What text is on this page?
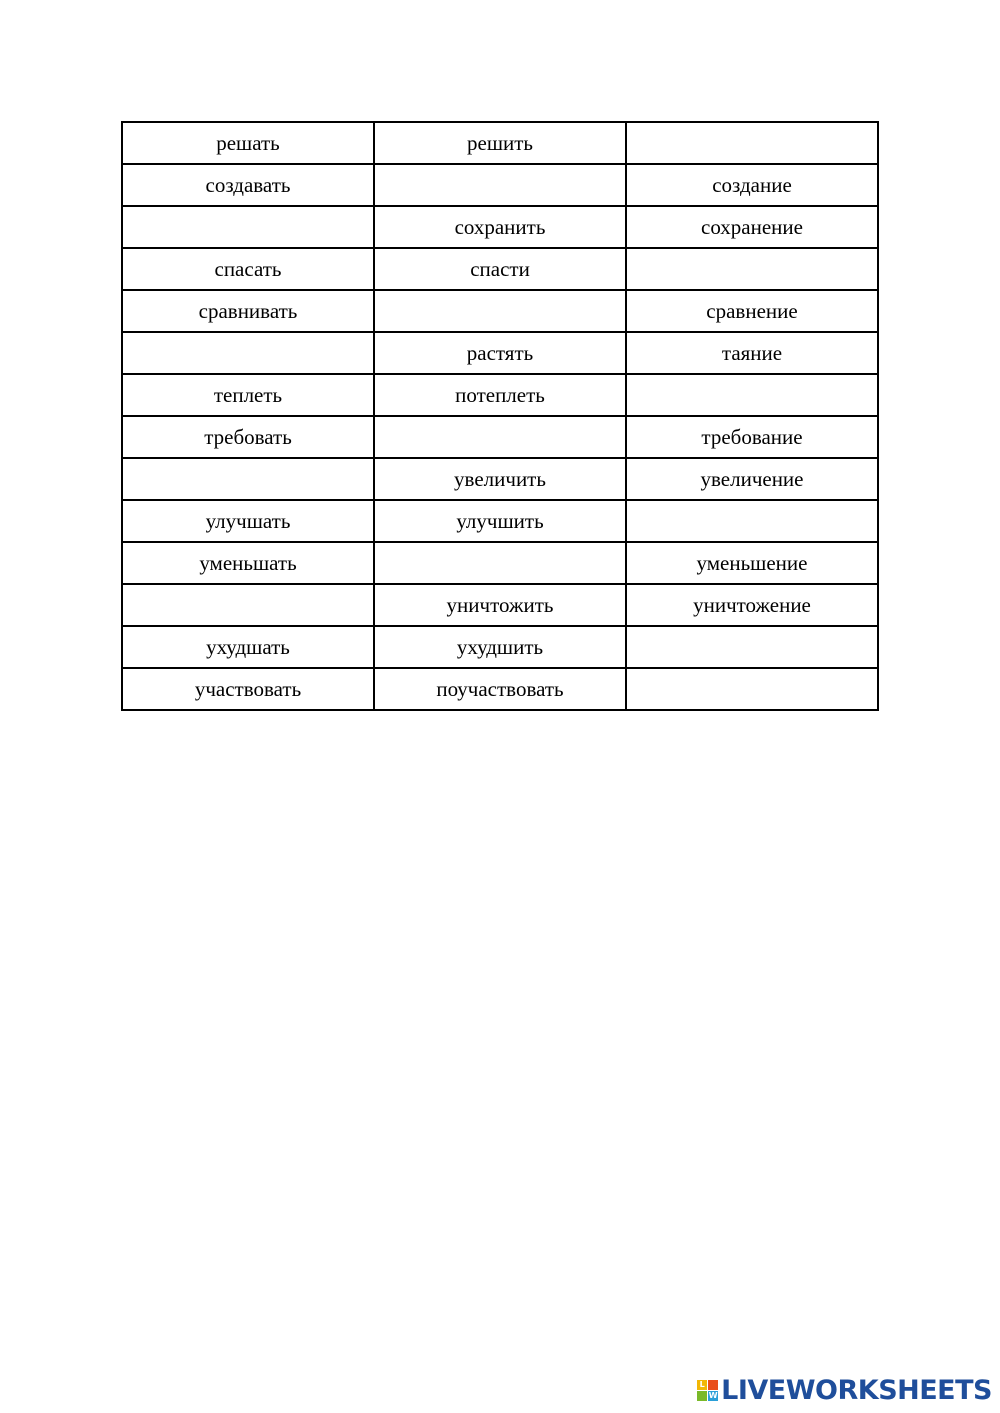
решать	решить	
создавать		создание
	сохранить	сохранение
спасать	спасти	
сравнивать		сравнение
	растять	таяние
теплеть	потеплеть	
требовать		требование
	увеличить	увеличение
улучшать	улучшить	
уменьшать		уменьшение
	уничтожить	уничтожение
ухудшать	ухудшить	
участвовать	поучаствовать	
L
W LIVEWORKSHEETS
